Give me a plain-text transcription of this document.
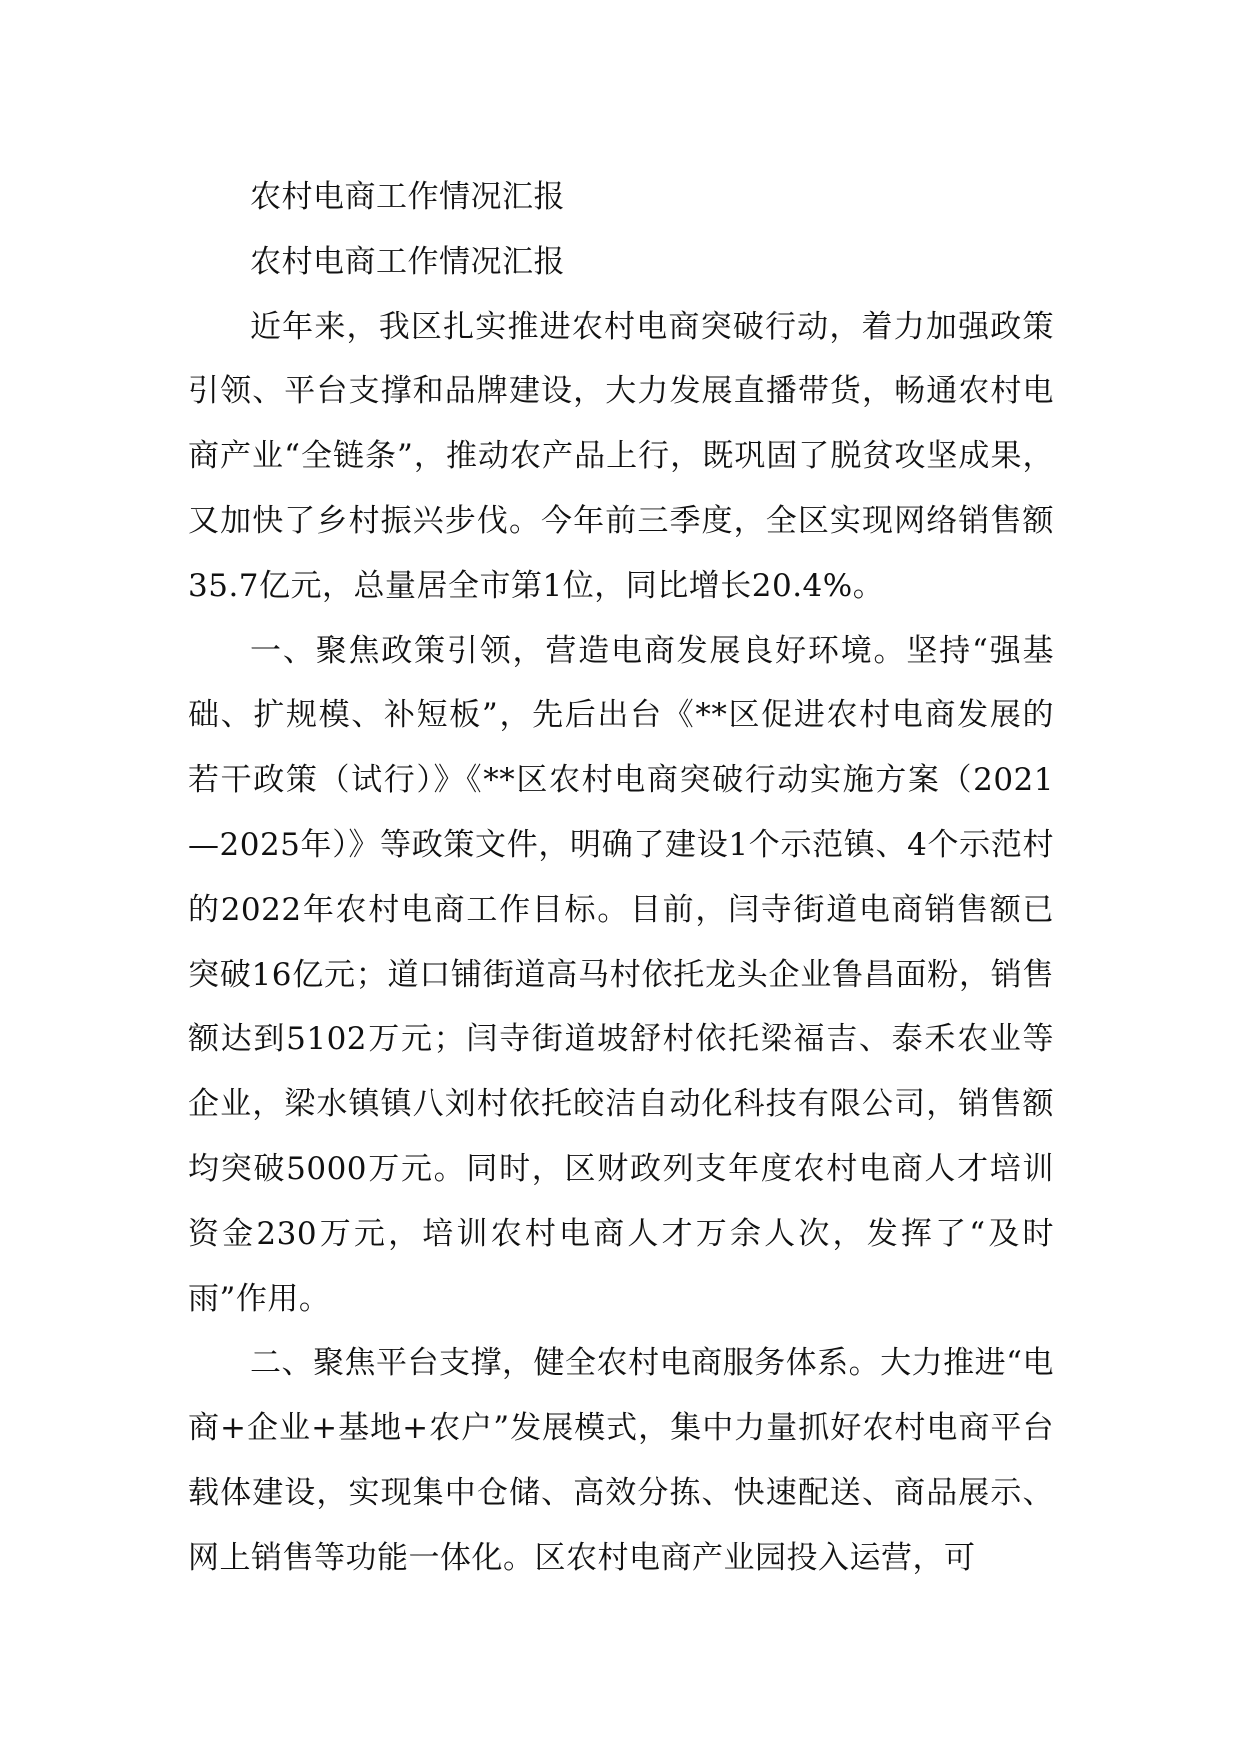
农村电商工作情况汇报

农村电商工作情况汇报

近年来，我区扎实推进农村电商突破行动，着力加强政策引领、平台支撑和品牌建设，大力发展直播带货，畅通农村电商产业“全链条”，推动农产品上行，既巩固了脱贫攻坚成果，又加快了乡村振兴步伐。今年前三季度，全区实现网络销售额35.7亿元，总量居全市第1位，同比增长20.4%。

一、聚焦政策引领，营造电商发展良好环境。坚持“强基础、扩规模、补短板”，先后出台《**区促进农村电商发展的若干政策（试行）》《**区农村电商突破行动实施方案（2021—2025年）》等政策文件，明确了建设1个示范镇、4个示范村的2022年农村电商工作目标。目前，闫寺街道电商销售额已突破16亿元；道口铺街道高马村依托龙头企业鲁昌面粉，销售额达到5102万元；闫寺街道坡舒村依托梁福吉、泰禾农业等企业，梁水镇镇八刘村依托皎洁自动化科技有限公司，销售额均突破5000万元。同时，区财政列支年度农村电商人才培训资金230万元，培训农村电商人才万余人次，发挥了“及时雨”作用。

二、聚焦平台支撑，健全农村电商服务体系。大力推进“电商+企业+基地+农户”发展模式，集中力量抓好农村电商平台载体建设，实现集中仓储、高效分拣、快速配送、商品展示、网上销售等功能一体化。区农村电商产业园投入运营，可
